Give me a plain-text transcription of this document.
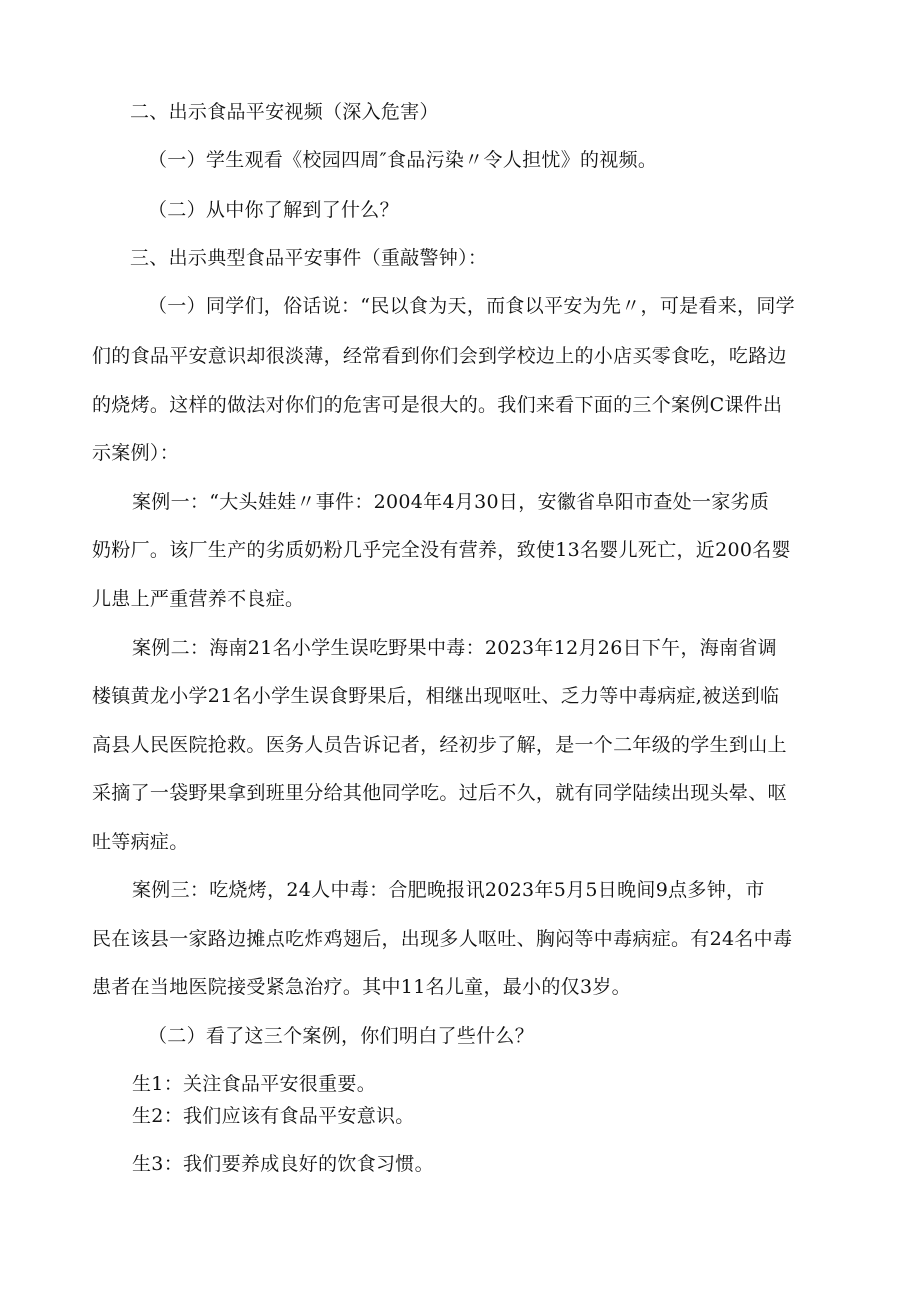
二、出示食品平安视频（深入危害）
（一）学生观看《校园四周″食品污染〃令人担忧》的视频。
（二）从中你了解到了什么？
三、出示典型食品平安事件（重敲警钟）：
（一）同学们，俗话说：“民以食为天，而食以平安为先〃，可是看来，同学
们的食品平安意识却很淡薄，经常看到你们会到学校边上的小店买零食吃，吃路边
的烧烤。这样的做法对你们的危害可是很大的。我们来看下面的三个案例C课件出
示案例）：
案例一：“大头娃娃〃事件：2004年4月30日，安徽省阜阳市查处一家劣质
奶粉厂。该厂生产的劣质奶粉几乎完全没有营养，致使13名婴儿死亡，近200名婴
儿患上严重营养不良症。
案例二：海南21名小学生误吃野果中毒：2023年12月26日下午，海南省调
楼镇黄龙小学21名小学生误食野果后，相继出现呕吐、乏力等中毒病症,被送到临
高县人民医院抢救。医务人员告诉记者，经初步了解，是一个二年级的学生到山上
采摘了一袋野果拿到班里分给其他同学吃。过后不久，就有同学陆续出现头晕、呕
吐等病症。
案例三：吃烧烤，24人中毒：合肥晚报讯2023年5月5日晚间9点多钟，市
民在该县一家路边摊点吃炸鸡翅后，出现多人呕吐、胸闷等中毒病症。有24名中毒
患者在当地医院接受紧急治疗。其中11名儿童，最小的仅3岁。
（二）看了这三个案例，你们明白了些什么？
生1：关注食品平安很重要。
生2：我们应该有食品平安意识。
生3：我们要养成良好的饮食习惯。
